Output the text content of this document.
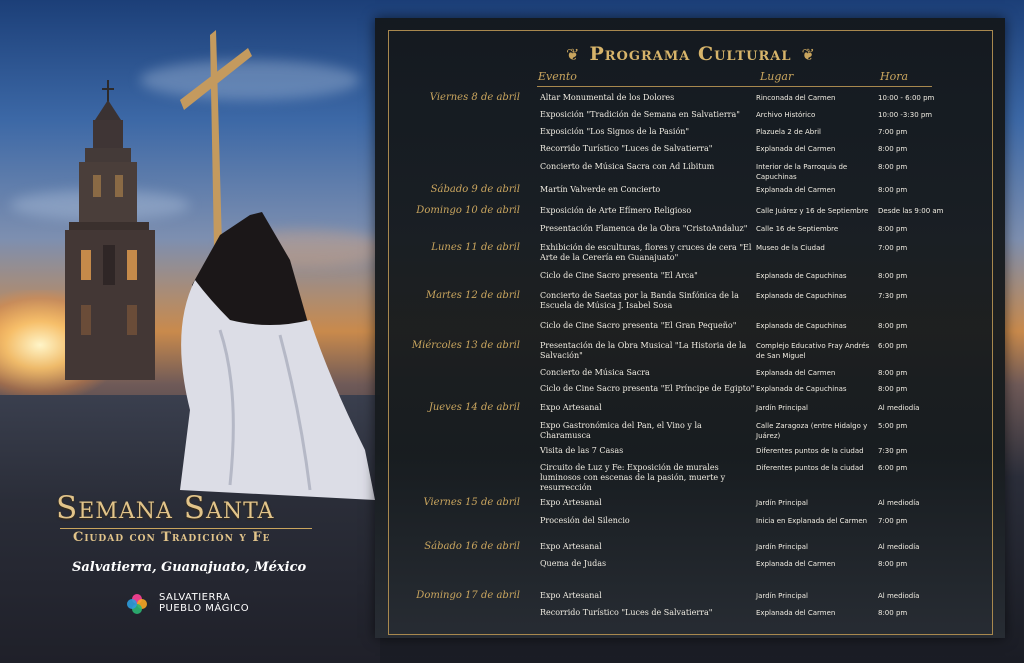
❦ Programa Cultural ❦
Evento	Lugar	Hora
Viernes 8 de abril	Altar Monumental de los Dolores	Rinconada del Carmen	10:00 - 6:00 pm
Exposición "Tradición de Semana en Salvatierra"	Archivo Histórico	10:00 -3:30 pm
Exposición "Los Signos de la Pasión"	Plazuela 2 de Abril	7:00 pm
Recorrido Turístico "Luces de Salvatierra"	Explanada del Carmen	8:00 pm
Concierto de Música Sacra con Ad Libitum	Interior de la Parroquia de Capuchinas
8:00 pm
Sábado 9 de abril	Martín Valverde en Concierto	Explanada del Carmen	8:00 pm
Domingo 10 de abril	Exposición de Arte Efímero Religioso	Calle Juárez y 16 de Septiembre	Desde las 9:00 am
Presentación Flamenca de la Obra "CristoAndaluz"	Calle 16 de Septiembre	8:00 pm
Lunes 11 de abril	Exhibición de esculturas, flores y cruces de cera "El Arte de la Cerería en Guanajuato"
Museo de la Ciudad	7:00 pm
Ciclo de Cine Sacro presenta "El Arca"	Explanada de Capuchinas	8:00 pm
Martes 12 de abril	Concierto de Saetas por la Banda Sinfónica de la Escuela de Música J. Isabel Sosa
Explanada de Capuchinas	7:30 pm
Ciclo de Cine Sacro presenta "El Gran Pequeño"	Explanada de Capuchinas	8:00 pm
Miércoles 13 de abril	Presentación de la Obra Musical "La Historia de la Salvación"
Complejo Educativo Fray Andrés de San Miguel
6:00 pm
Concierto de Música Sacra	Explanada del Carmen	8:00 pm
Ciclo de Cine Sacro presenta "El Príncipe de Egipto" Explanada de Capuchinas	8:00 pm
Jueves 14 de abril	Expo Artesanal	Jardín Principal	Al mediodía
Expo Gastronómica del Pan, el Vino y la Charamusca
Calle Zaragoza (entre Hidalgo y Juárez)
5:00 pm
Visita de las 7 Casas	Diferentes puntos de la ciudad	7:30 pm
Circuito de Luz y Fe: Exposición de murales luminosos con escenas de la pasión, muerte y resurrección
Diferentes puntos de la ciudad	6:00 pm
Viernes 15 de abril	Expo Artesanal	Jardín Principal	Al mediodía
Procesión del Silencio	Inicia en Explanada del Carmen	7:00 pm
Sábado 16 de abril	Expo Artesanal	Jardín Principal	Al mediodía
Quema de Judas	Explanada del Carmen	8:00 pm
Domingo 17 de abril	Expo Artesanal	Jardín Principal	Al mediodía
Recorrido Turístico "Luces de Salvatierra"	Explanada del Carmen	8:00 pm
Semana Santa
Ciudad con Tradición y Fe
Salvatierra, Guanajuato, México
SALVATIERRA
PUEBLO MÁGICO
